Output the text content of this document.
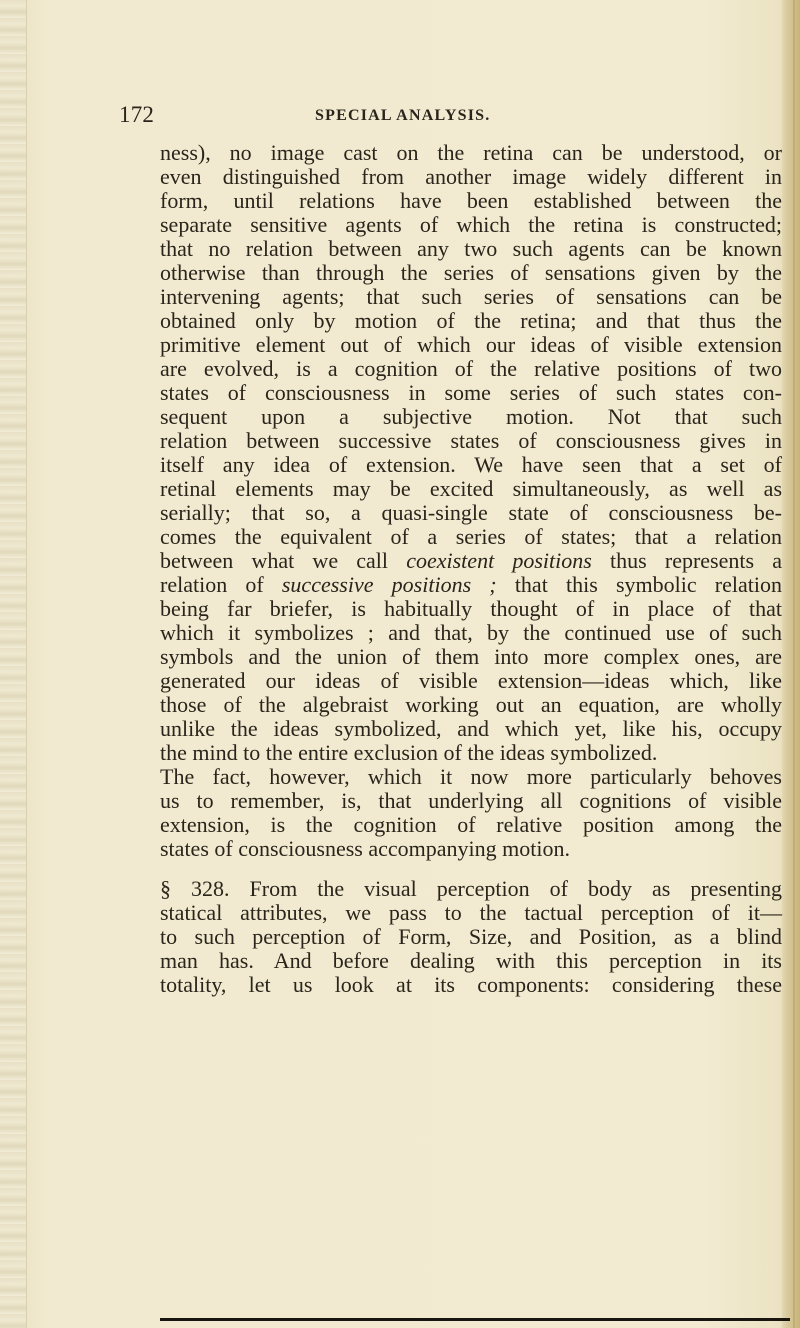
172	SPECIAL ANALYSIS.
ness), no image cast on the retina can be understood, or
even distinguished from another image widely different in
form, until relations have been established between the
separate sensitive agents of which the retina is constructed;
that no relation between any two such agents can be known
otherwise than through the series of sensations given by the
intervening agents; that such series of sensations can be
obtained only by motion of the retina; and that thus the
primitive element out of which our ideas of visible extension
are evolved, is a cognition of the relative positions of two
states of consciousness in some series of such states con-
sequent upon a subjective motion. Not that such
relation between successive states of consciousness gives in
itself any idea of extension. We have seen that a set of
retinal elements may be excited simultaneously, as well as
serially; that so, a quasi-single state of consciousness be-
comes the equivalent of a series of states; that a relation
between what we call coexistent positions thus represents a
relation of successive positions ; that this symbolic relation
being far briefer, is habitually thought of in place of that
which it symbolizes ; and that, by the continued use of such
symbols and the union of them into more complex ones, are
generated our ideas of visible extension—ideas which, like
those of the algebraist working out an equation, are wholly
unlike the ideas symbolized, and which yet, like his, occupy
the mind to the entire exclusion of the ideas symbolized.
The fact, however, which it now more particularly behoves
us to remember, is, that underlying all cognitions of visible
extension, is the cognition of relative position among the
states of consciousness accompanying motion.
§ 328. From the visual perception of body as presenting
statical attributes, we pass to the tactual perception of it—
to such perception of Form, Size, and Position, as a blind
man has. And before dealing with this perception in its
totality, let us look at its components: considering these
